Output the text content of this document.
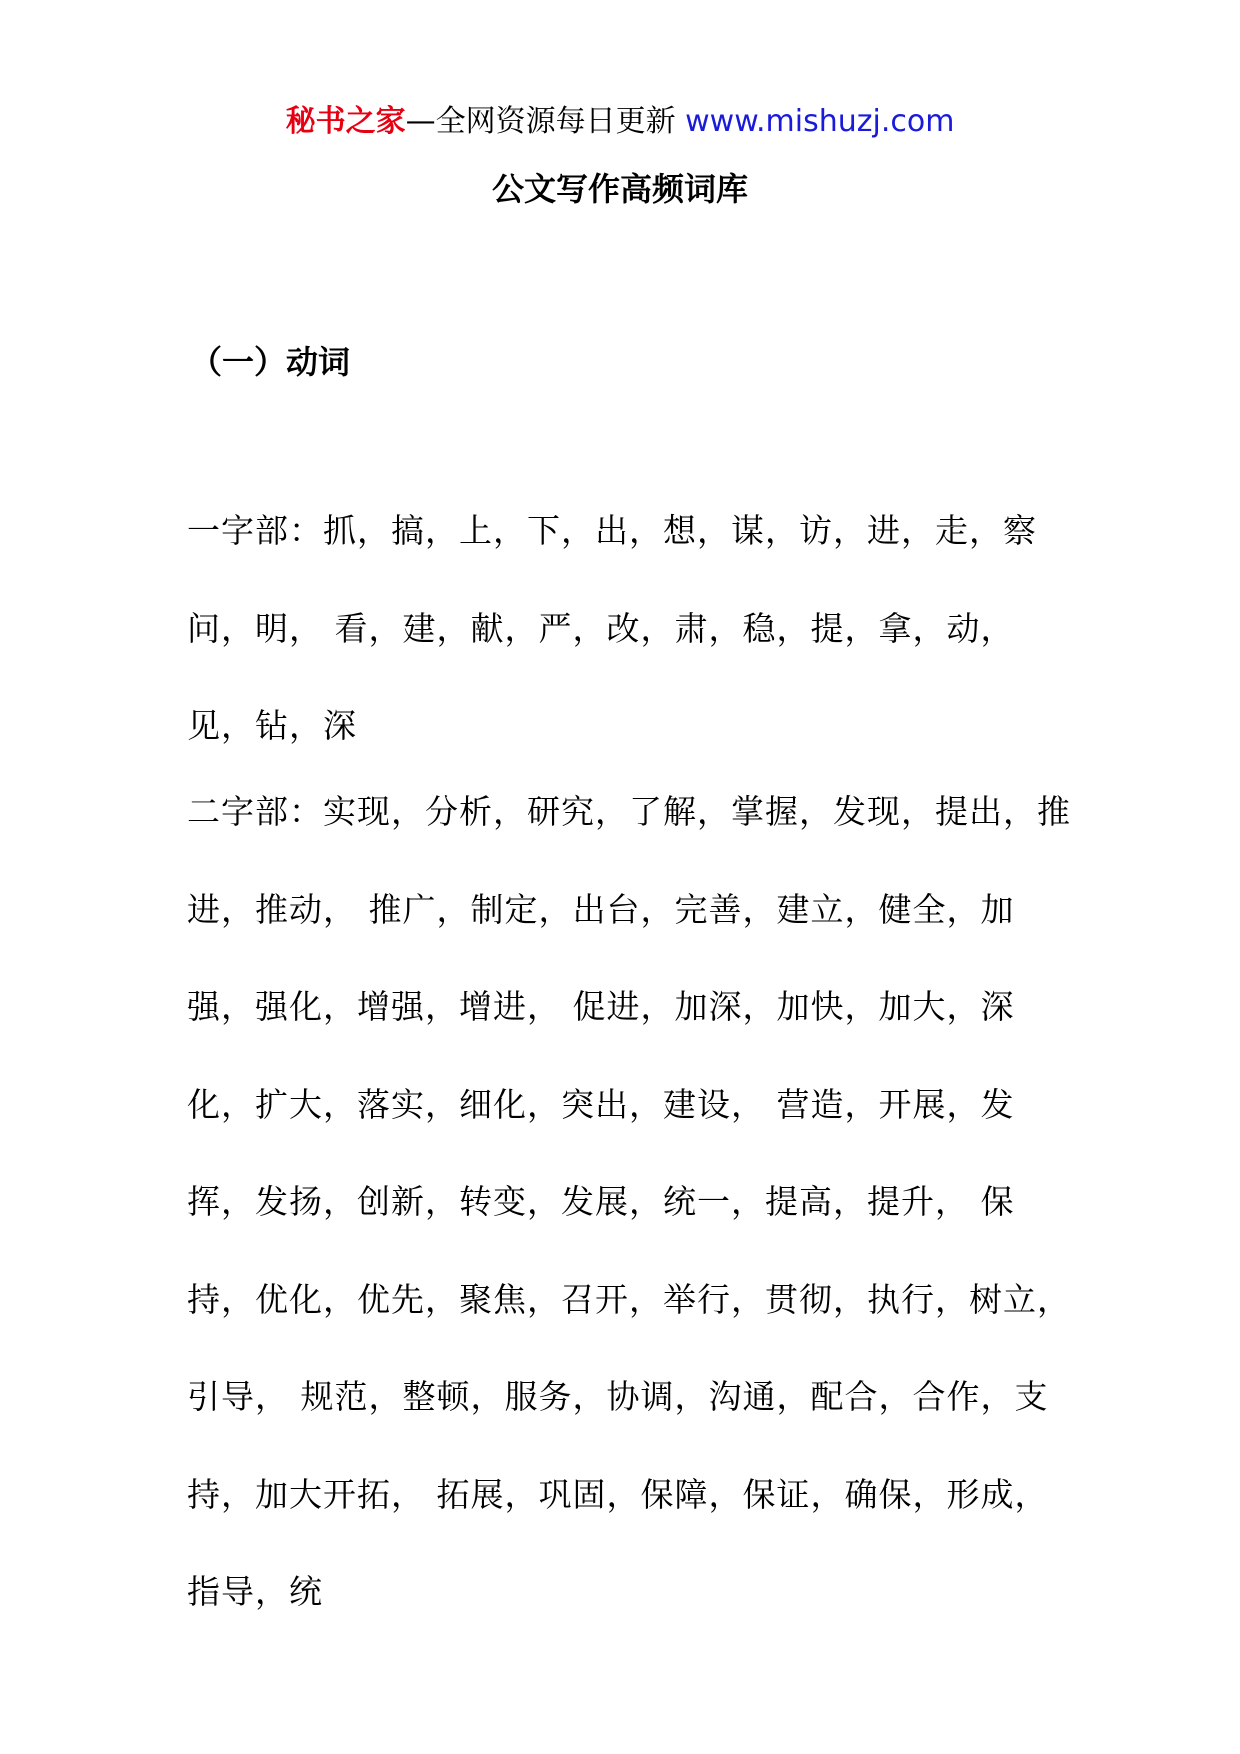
秘书之家—全网资源每日更新 www.mishuzj.com
公文写作高频词库
（一）动词

一字部：抓，搞，上，下，出，想，谋，访，进，走，察问，明， 看，建，献，严，改，肃，稳，提，拿，动，见，钻，深

二字部：实现，分析，研究，了解，掌握，发现，提出，推进，推动， 推广，制定，出台，完善，建立，健全，加强，强化，增强，增进， 促进，加深，加快，加大，深化，扩大，落实，细化，突出，建设， 营造，开展，发挥，发扬，创新，转变，发展，统一，提高，提升， 保持，优化，优先，聚焦，召开，举行，贯彻，执行，树立，引导， 规范，整顿，服务，协调，沟通，配合，合作，支持，加大开拓， 拓展，巩固，保障，保证，确保，形成，指导，统
